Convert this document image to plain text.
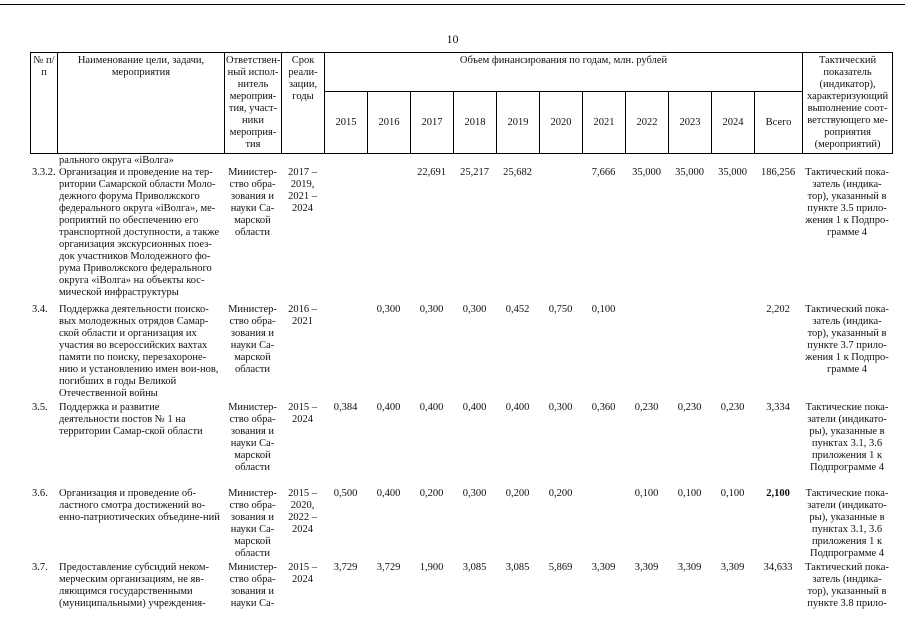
10
№ п/п	Наименование цели, задачи, мероприятия	Ответствен-ный испол-нитель мероприя-тия, участ-ники мероприя-тия	Срок реали-зации, годы	Объем финансирования по годам, млн. рублей											Тактический показатель (индикатор), характеризующий выполнение соот-ветствующего ме-роприятия (мероприятий)
				2015	2016	2017	2018	2019	2020	2021	2022	2023	2024	Всего	
	рального округа «iВолга»														
3.3.2.	Организация и проведение на тер-ритории Самарской области Моло-дежного форума Приволжского федерального округа «iВолга», ме-роприятий по обеспечению его транспортной доступности, а также организация экскурсионных поез-док участников Молодежного фо-рума Приволжского федерального округа «iВолга» на объекты кос-мической инфраструктуры	Министер-ство обра-зования и науки Са-марской области	2017 – 2019, 2021 – 2024			22,691	25,217	25,682		7,666	35,000	35,000	35,000	186,256	Тактический пока-затель (индика-тор), указанный в пункте 3.5 прило-жения 1 к Подпро-грамме 4
3.4.	Поддержка деятельности поиско-вых молодежных отрядов Самар-ской области и организация их участия во всероссийских вахтах памяти по поиску, перезахороне-нию и установлению имен вои-нов, погибших в годы Великой Отечественной войны	Министер-ство обра-зования и науки Са-марской области	2016 – 2021		0,300	0,300	0,300	0,452	0,750	0,100				2,202	Тактический пока-затель (индика-тор), указанный в пункте 3.7 прило-жения 1 к Подпро-грамме 4
3.5.	Поддержка и развитие деятельности постов № 1 на территории Самар-ской области	Министер-ство обра-зования и науки Са-марской области	2015 – 2024	0,384	0,400	0,400	0,400	0,400	0,300	0,360	0,230	0,230	0,230	3,334	Тактические пока-затели (индикато-ры), указанные в пунктах 3.1, 3.6 приложения 1 к Подпрограмме 4
3.6.	Организация и проведение об-ластного смотра достижений во-енно-патриотических объедине-ний	Министер-ство обра-зования и науки Са-марской области	2015 – 2020, 2022 – 2024	0,500	0,400	0,200	0,300	0,200	0,200		0,100	0,100	0,100	2,100	Тактические пока-затели (индикато-ры), указанные в пунктах 3.1, 3.6 приложения 1 к Подпрограмме 4
3.7.	Предоставление субсидий неком-мерческим организациям, не яв-ляющимся государственными (муниципальными) учреждения-	Министер-ство обра-зования и науки Са-	2015 – 2024	3,729	3,729	1,900	3,085	3,085	5,869	3,309	3,309	3,309	3,309	34,633	Тактический пока-затель (индика-тор), указанный в пункте 3.8 прило-
